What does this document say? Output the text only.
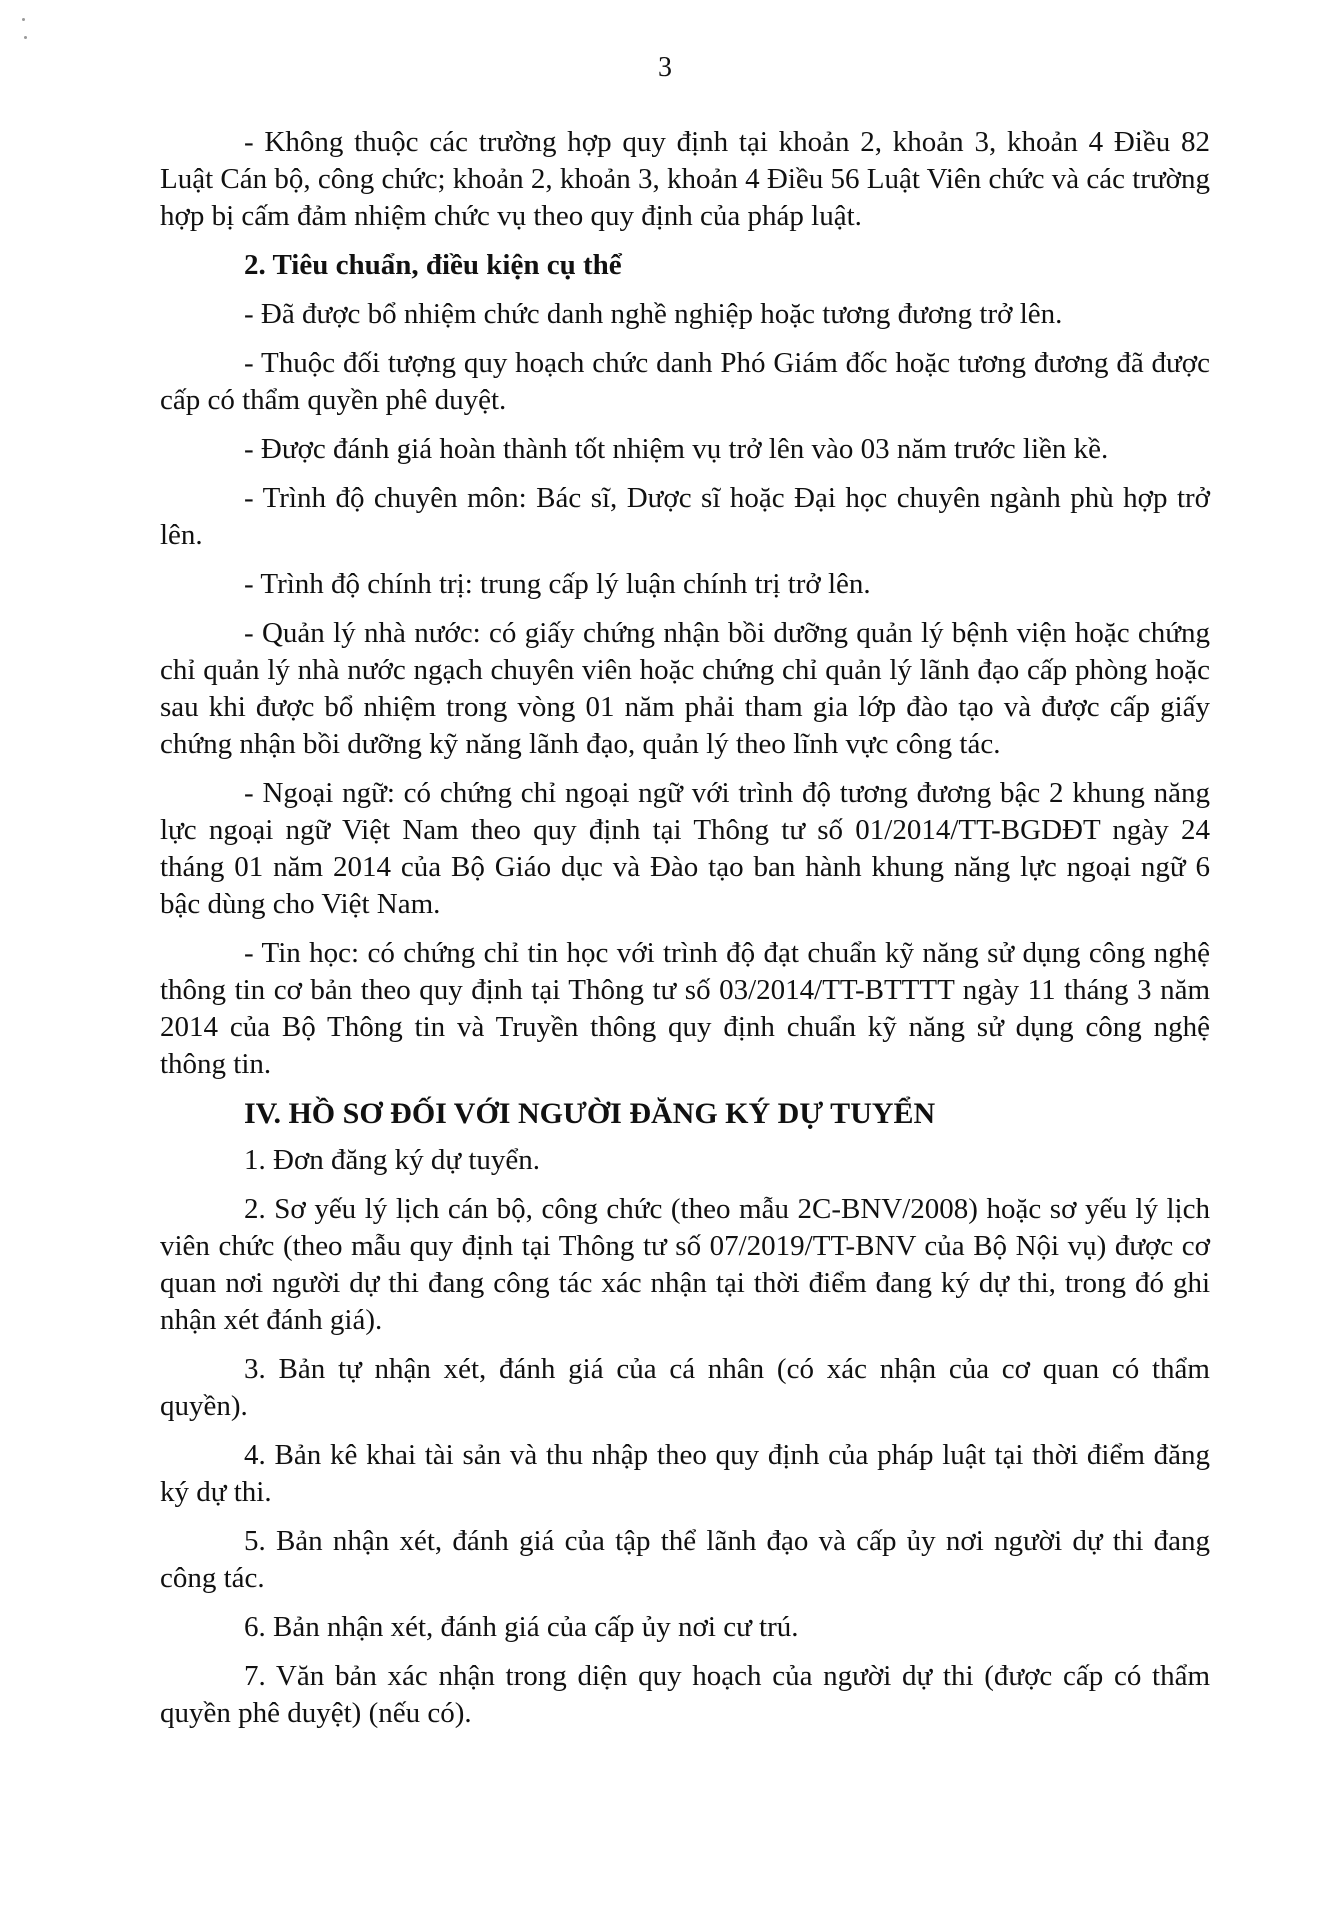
3

- Không thuộc các trường hợp quy định tại khoản 2, khoản 3, khoản 4 Điều 82 Luật Cán bộ, công chức; khoản 2, khoản 3, khoản 4 Điều 56 Luật Viên chức và các trường hợp bị cấm đảm nhiệm chức vụ theo quy định của pháp luật.

2. Tiêu chuẩn, điều kiện cụ thể

- Đã được bổ nhiệm chức danh nghề nghiệp hoặc tương đương trở lên.

- Thuộc đối tượng quy hoạch chức danh Phó Giám đốc hoặc tương đương đã được cấp có thẩm quyền phê duyệt.

- Được đánh giá hoàn thành tốt nhiệm vụ trở lên vào 03 năm trước liền kề.

- Trình độ chuyên môn: Bác sĩ, Dược sĩ hoặc Đại học chuyên ngành phù hợp trở lên.

- Trình độ chính trị: trung cấp lý luận chính trị trở lên.

- Quản lý nhà nước: có giấy chứng nhận bồi dưỡng quản lý bệnh viện hoặc chứng chỉ quản lý nhà nước ngạch chuyên viên hoặc chứng chỉ quản lý lãnh đạo cấp phòng hoặc sau khi được bổ nhiệm trong vòng 01 năm phải tham gia lớp đào tạo và được cấp giấy chứng nhận bồi dưỡng kỹ năng lãnh đạo, quản lý theo lĩnh vực công tác.

- Ngoại ngữ: có chứng chỉ ngoại ngữ với trình độ tương đương bậc 2 khung năng lực ngoại ngữ Việt Nam theo quy định tại Thông tư số 01/2014/TT-BGDĐT ngày 24 tháng 01 năm 2014 của Bộ Giáo dục và Đào tạo ban hành khung năng lực ngoại ngữ 6 bậc dùng cho Việt Nam.

- Tin học: có chứng chỉ tin học với trình độ đạt chuẩn kỹ năng sử dụng công nghệ thông tin cơ bản theo quy định tại Thông tư số 03/2014/TT-BTTTT ngày 11 tháng 3 năm 2014 của Bộ Thông tin và Truyền thông quy định chuẩn kỹ năng sử dụng công nghệ thông tin.

IV. HỒ SƠ ĐỐI VỚI NGƯỜI ĐĂNG KÝ DỰ TUYỂN

1. Đơn đăng ký dự tuyển.

2. Sơ yếu lý lịch cán bộ, công chức (theo mẫu 2C-BNV/2008) hoặc sơ yếu lý lịch viên chức (theo mẫu quy định tại Thông tư số 07/2019/TT-BNV của Bộ Nội vụ) được cơ quan nơi người dự thi đang công tác xác nhận tại thời điểm đang ký dự thi, trong đó ghi nhận xét đánh giá).

3. Bản tự nhận xét, đánh giá của cá nhân (có xác nhận của cơ quan có thẩm quyền).

4. Bản kê khai tài sản và thu nhập theo quy định của pháp luật tại thời điểm đăng ký dự thi.

5. Bản nhận xét, đánh giá của tập thể lãnh đạo và cấp ủy nơi người dự thi đang công tác.

6. Bản nhận xét, đánh giá của cấp ủy nơi cư trú.

7. Văn bản xác nhận trong diện quy hoạch của người dự thi (được cấp có thẩm quyền phê duyệt) (nếu có).
